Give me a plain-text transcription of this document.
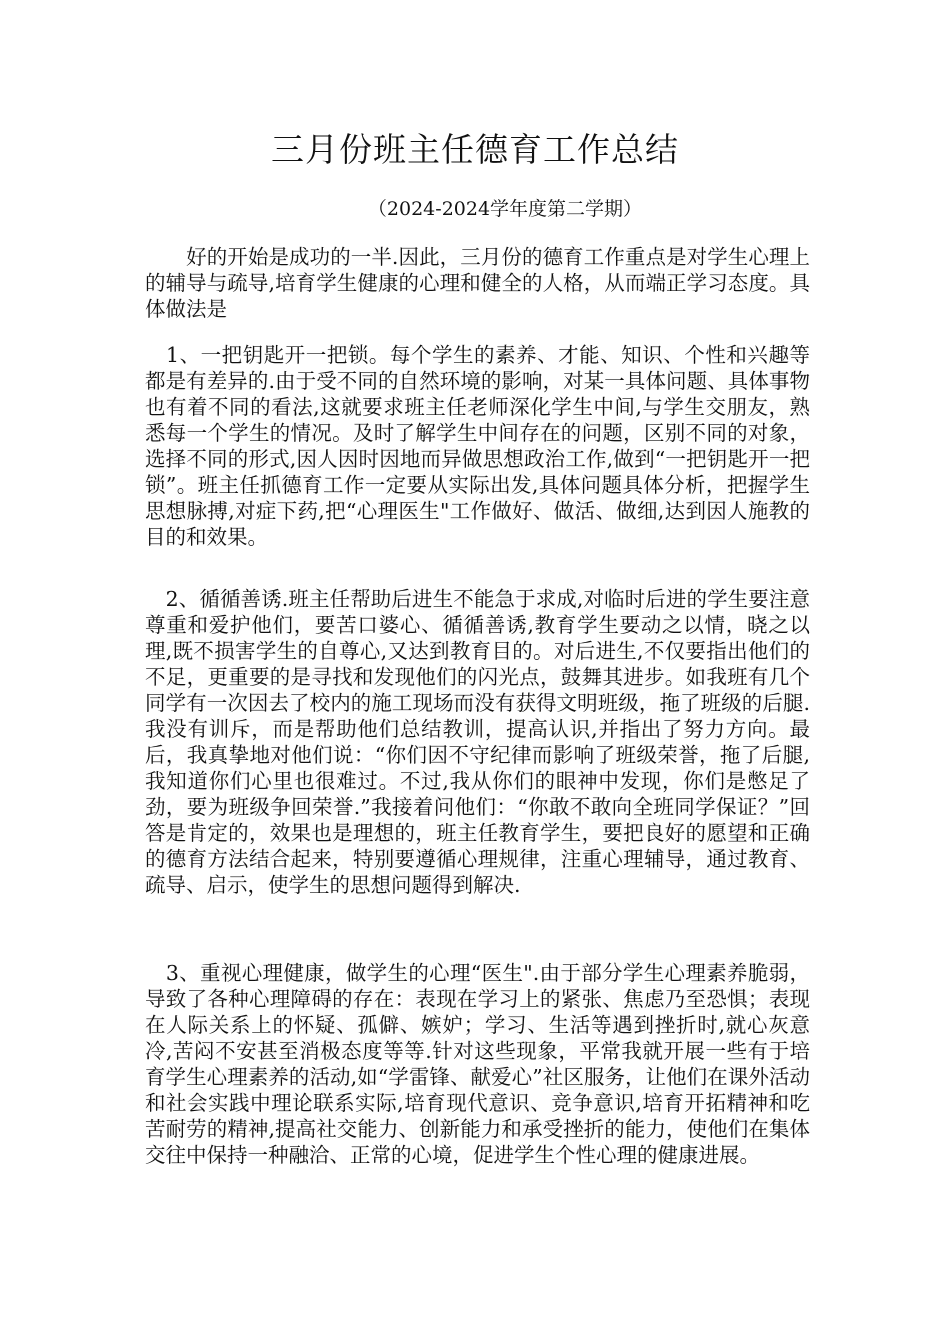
三月份班主任德育工作总结

（2024-2024学年度第二学期）

　　好的开始是成功的一半.因此，三月份的德育工作重点是对学生心理上的辅导与疏导,培育学生健康的心理和健全的人格，从而端正学习态度。具体做法是

　1、一把钥匙开一把锁。每个学生的素养、才能、知识、个性和兴趣等都是有差异的.由于受不同的自然环境的影响，对某一具体问题、具体事物也有着不同的看法,这就要求班主任老师深化学生中间,与学生交朋友，熟悉每一个学生的情况。及时了解学生中间存在的问题，区别不同的对象，选择不同的形式,因人因时因地而异做思想政治工作,做到“一把钥匙开一把锁”。班主任抓德育工作一定要从实际出发,具体问题具体分析，把握学生思想脉搏,对症下药,把“心理医生"工作做好、做活、做细,达到因人施教的目的和效果。

　2、循循善诱.班主任帮助后进生不能急于求成,对临时后进的学生要注意尊重和爱护他们，要苦口婆心、循循善诱,教育学生要动之以情，晓之以理,既不损害学生的自尊心,又达到教育目的。对后进生,不仅要指出他们的不足，更重要的是寻找和发现他们的闪光点，鼓舞其进步。如我班有几个同学有一次因去了校内的施工现场而没有获得文明班级，拖了班级的后腿.我没有训斥，而是帮助他们总结教训，提高认识,并指出了努力方向。最后，我真挚地对他们说：“你们因不守纪律而影响了班级荣誉，拖了后腿,我知道你们心里也很难过。不过,我从你们的眼神中发现，你们是憋足了劲，要为班级争回荣誉.”我接着问他们：“你敢不敢向全班同学保证？”回答是肯定的，效果也是理想的，班主任教育学生，要把良好的愿望和正确的德育方法结合起来，特别要遵循心理规律，注重心理辅导，通过教育、疏导、启示，使学生的思想问题得到解决.

　3、重视心理健康，做学生的心理“医生".由于部分学生心理素养脆弱，导致了各种心理障碍的存在：表现在学习上的紧张、焦虑乃至恐惧；表现在人际关系上的怀疑、孤僻、嫉妒；学习、生活等遇到挫折时,就心灰意冷,苦闷不安甚至消极态度等等.针对这些现象，平常我就开展一些有于培育学生心理素养的活动,如“学雷锋、献爱心”社区服务，让他们在课外活动和社会实践中理论联系实际,培育现代意识、竞争意识,培育开拓精神和吃苦耐劳的精神,提高社交能力、创新能力和承受挫折的能力，使他们在集体交往中保持一种融洽、正常的心境，促进学生个性心理的健康进展。
